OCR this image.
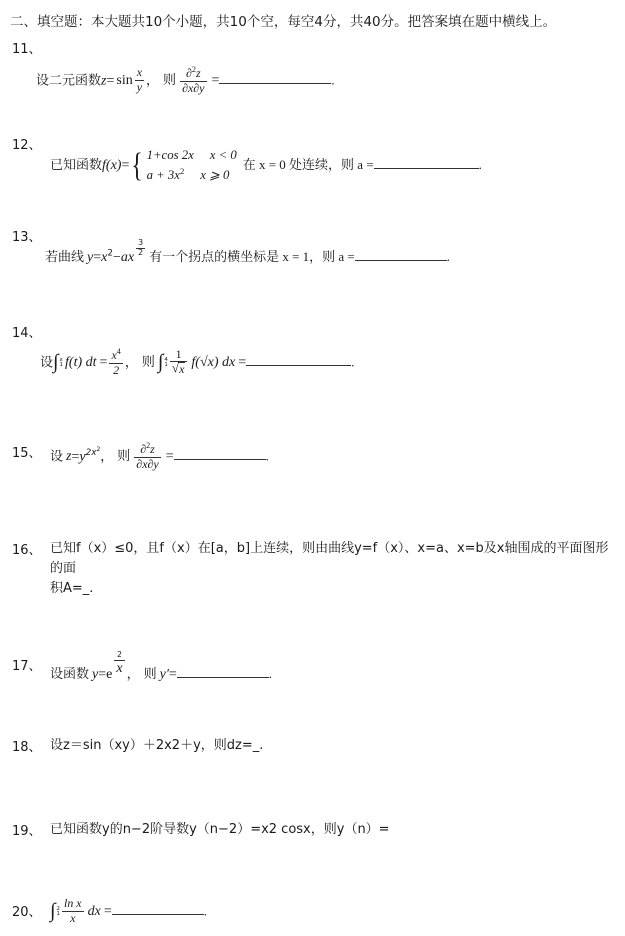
二、填空题：本大题共10个小题，共10个空，每空4分，共40分。把答案填在题中横线上。
11、
设二元函数$z= \sin \frac{x}{y}$ ， 则 $\frac{\partial^2z}{\partial x\partial y}$ =	.
12、
已知函数f(x)= { 1+cos 2x x < 0
$a + 3x^2$ x ⩾ 0
在 x = 0 处连续，则 a =	.
13、
若曲线 $y=x^2-ax$
$\frac{3}{2}$ 有一个拐点的横坐标是 x = 1，则 a =	.
14、
设∫ x
1 f(t) dt = $\frac{x^4}{2}$ ， 则 ∫ 4
1 1
√ x f(√x) dx =	.
15、 设 $z=y^{2x^2}$， 则 $\frac{\partial^2z}{\partial x\partial y}$ =	.
16、 已知f（x）≤0，且f（x）在[a，b]上连续，则由曲线y=f（x）、x=a、x=b及x轴围成的平面图形的面
积A=_.
17、 设函数 $y=e \frac{2}{x}$ ， 则 y′=	.
18、 设z＝sin（xy）＋2x2＋y，则dz=_.
19、 已知函数y的n−2阶导数y（n−2）=x2 cosx，则y（n）=
20、 ∫ 2
$1 \frac{\text{ln x}}{x}$ dx =	.
